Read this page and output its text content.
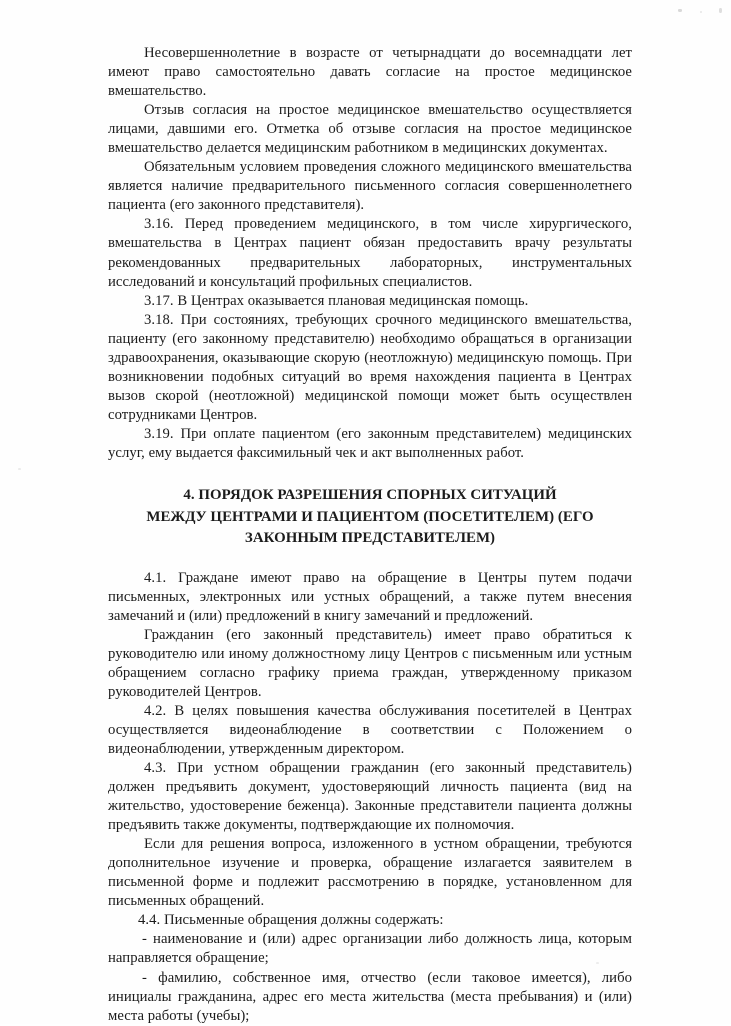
Несовершеннолетние в возрасте от четырнадцати до восемнадцати лет имеют право самостоятельно давать согласие на простое медицинское вмешательство.

Отзыв согласия на простое медицинское вмешательство осуществляется лицами, давшими его. Отметка об отзыве согласия на простое медицинское вмешательство делается медицинским работником в медицинских документах.

Обязательным условием проведения сложного медицинского вмешательства является наличие предварительного письменного согласия совершеннолетнего пациента (его законного представителя).

3.16. Перед проведением медицинского, в том числе хирургического, вмешательства в Центрах пациент обязан предоставить врачу результаты рекомендованных предварительных лабораторных, инструментальных исследований и консультаций профильных специалистов.

3.17. В Центрах оказывается плановая медицинская помощь.

3.18. При состояниях, требующих срочного медицинского вмешательства, пациенту (его законному представителю) необходимо обращаться в организации здравоохранения, оказывающие скорую (неотложную) медицинскую помощь. При возникновении подобных ситуаций во время нахождения пациента в Центрах вызов скорой (неотложной) медицинской помощи может быть осуществлен сотрудниками Центров.

3.19. При оплате пациентом (его законным представителем) медицинских услуг, ему выдается факсимильный чек и акт выполненных работ.

4. ПОРЯДОК РАЗРЕШЕНИЯ СПОРНЫХ СИТУАЦИЙ
МЕЖДУ ЦЕНТРАМИ И ПАЦИЕНТОМ (ПОСЕТИТЕЛЕМ) (ЕГО
ЗАКОННЫМ ПРЕДСТАВИТЕЛЕМ)

4.1. Граждане имеют право на обращение в Центры путем подачи письменных, электронных или устных обращений, а также путем внесения замечаний и (или) предложений в книгу замечаний и предложений.

Гражданин (его законный представитель) имеет право обратиться к руководителю или иному должностному лицу Центров с письменным или устным обращением согласно графику приема граждан, утвержденному приказом руководителей Центров.

4.2. В целях повышения качества обслуживания посетителей в Центрах осуществляется видеонаблюдение в соответствии с Положением о видеонаблюдении, утвержденным директором.

4.3. При устном обращении гражданин (его законный представитель) должен предъявить документ, удостоверяющий личность пациента (вид на жительство, удостоверение беженца). Законные представители пациента должны предъявить также документы, подтверждающие их полномочия.

Если для решения вопроса, изложенного в устном обращении, требуются дополнительное изучение и проверка, обращение излагается заявителем в письменной форме и подлежит рассмотрению в порядке, установленном для письменных обращений.

4.4. Письменные обращения должны содержать:

- наименование и (или) адрес организации либо должность лица, которым направляется обращение;

- фамилию, собственное имя, отчество (если таковое имеется), либо инициалы гражданина, адрес его места жительства (места пребывания) и (или) места работы (учебы);
